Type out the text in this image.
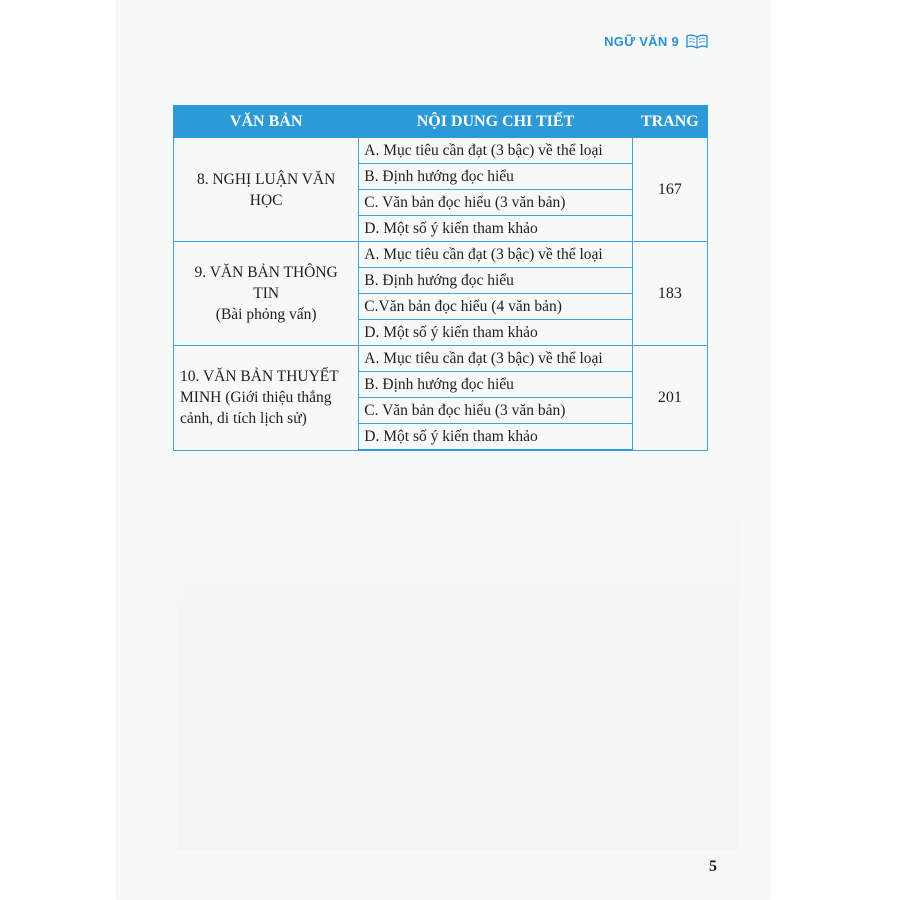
NGỮ VĂN 9
VĂN BẢN	NỘI DUNG CHI TIẾT	TRANG
8. NGHỊ LUẬN VĂN HỌC	A. Mục tiêu cần đạt (3 bậc) về thể loại	167
	B. Định hướng đọc hiểu	
	C. Văn bản đọc hiểu (3 văn bản)	
	D. Một số ý kiến tham khảo	
9. VĂN BẢN THÔNG TIN
(Bài phỏng vấn)	A. Mục tiêu cần đạt (3 bậc) về thể loại	183
	B. Định hướng đọc hiểu	
	C.Văn bản đọc hiểu (4 văn bản)	
	D. Một số ý kiến tham khảo	
10. VĂN BẢN THUYẾT MINH (Giới thiệu thắng cảnh, di tích lịch sử)	A. Mục tiêu cần đạt (3 bậc) về thể loại	201
	B. Định hướng đọc hiểu	
	C. Văn bản đọc hiểu (3 văn bản)	
	D. Một số ý kiến tham khảo	
5
